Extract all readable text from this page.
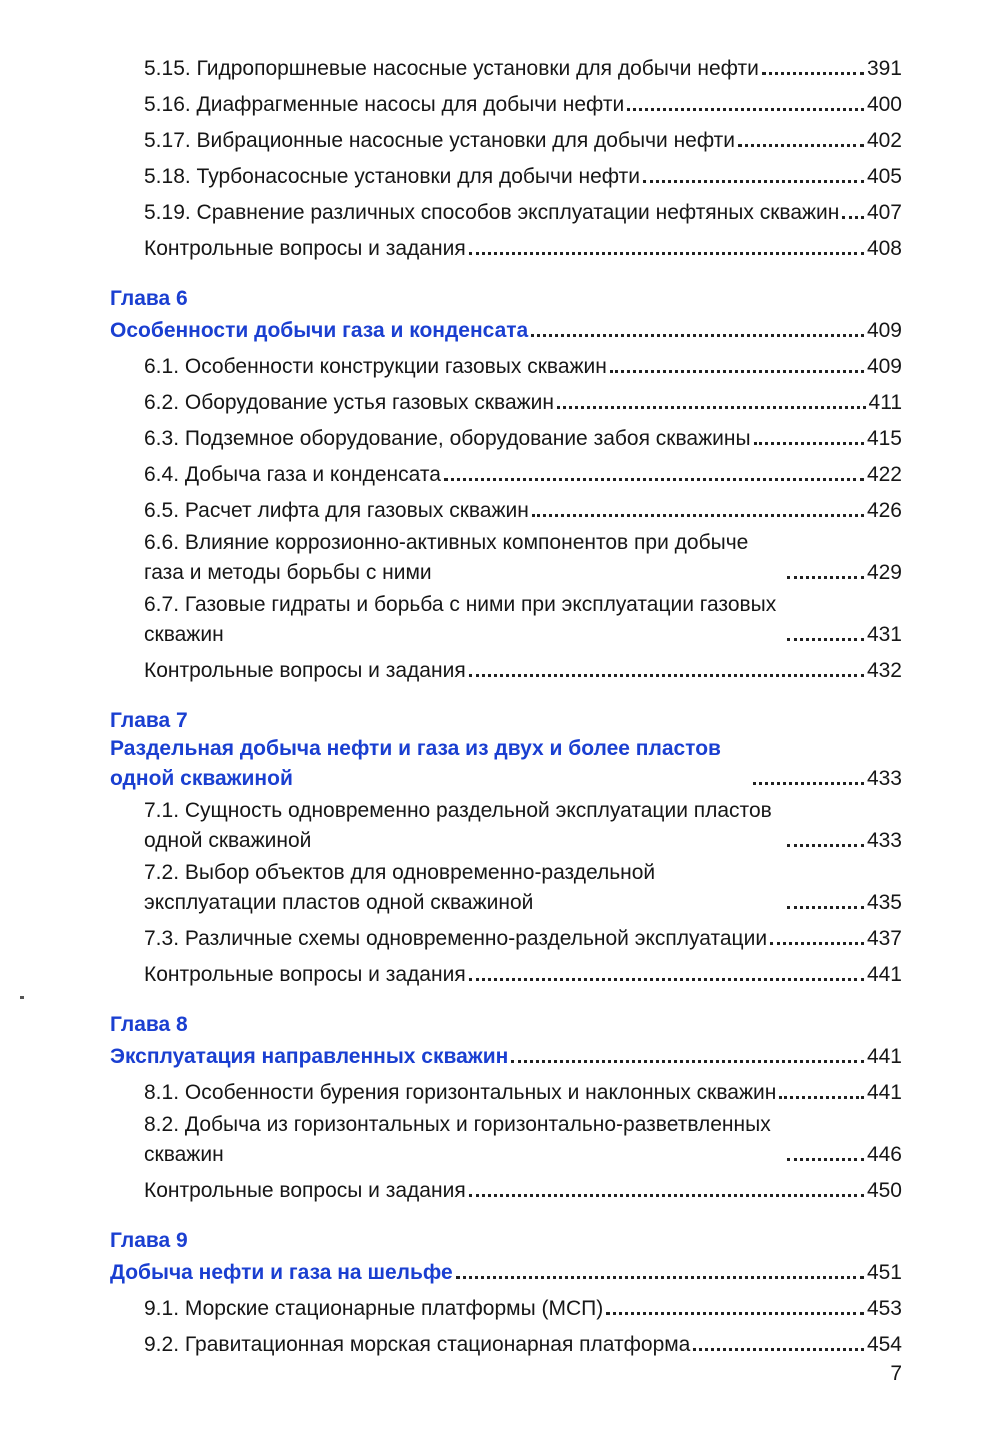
5.15. Гидропоршневые насосные установки для добычи нефти	391
5.16. Диафрагменные насосы для добычи нефти	400
5.17. Вибрационные насосные установки для добычи нефти	402
5.18. Турбонасосные установки для добычи нефти	405
5.19. Сравнение различных способов эксплуатации нефтяных скважин 407
Контрольные вопросы и задания	408
Глава 6
Особенности добычи газа и конденсата	409
6.1. Особенности конструкции газовых скважин	409
6.2. Оборудование устья газовых скважин	411
6.3. Подземное оборудование, оборудование забоя скважины	415
6.4. Добыча газа и конденсата	422
6.5. Расчет лифта для газовых скважин	426
6.6. Влияние коррозионно-активных компонентов при добыче газа и методы борьбы с ними	429
6.7. Газовые гидраты и борьба с ними при эксплуатации газовых скважин	431
Контрольные вопросы и задания	432
Глава 7
Раздельная добыча нефти и газа из двух и более пластов одной скважиной	433
7.1. Сущность одновременно раздельной эксплуатации пластов одной скважиной	433
7.2. Выбор объектов для одновременно-раздельной эксплуатации пластов одной скважиной	435
7.3. Различные схемы одновременно-раздельной эксплуатации	437
Контрольные вопросы и задания	441
Глава 8
Эксплуатация направленных скважин	441
8.1. Особенности бурения горизонтальных и наклонных скважин	441
8.2. Добыча из горизонтальных и горизонтально-разветвленных скважин	446
Контрольные вопросы и задания	450
Глава 9
Добыча нефти и газа на шельфе	451
9.1. Морские стационарные платформы (МСП)	453
9.2. Гравитационная морская стационарная платформа	454
7
